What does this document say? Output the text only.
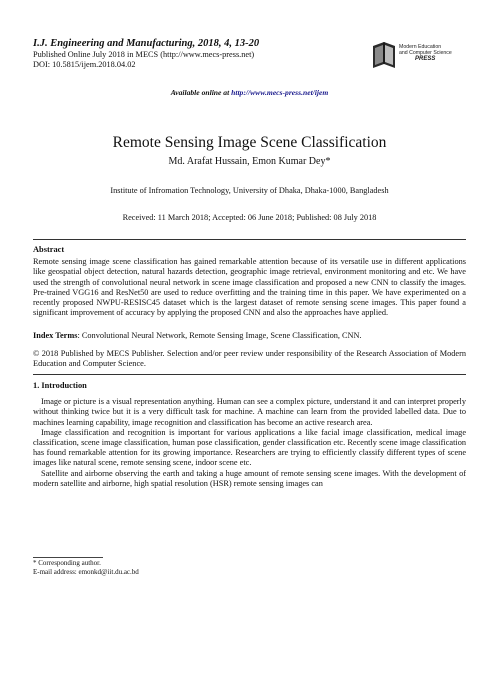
I.J. Engineering and Manufacturing, 2018, 4, 13-20
Published Online July 2018 in MECS (http://www.mecs-press.net)
DOI: 10.5815/ijem.2018.04.02
Modern Education
and Computer Science
PRESS
Available online at http://www.mecs-press.net/ijem
Remote Sensing Image Scene Classification
Md. Arafat Hussain, Emon Kumar Dey*
Institute of Infromation Technology, University of Dhaka, Dhaka-1000, Bangladesh
Received: 11 March 2018; Accepted: 06 June 2018; Published: 08 July 2018
Abstract

Remote sensing image scene classification has gained remarkable attention because of its versatile use in different applications like geospatial object detection, natural hazards detection, geographic image retrieval, environment monitoring and etc. We have used the strength of convolutional neural network in scene image classification and proposed a new CNN to classify the images. Pre-trained VGG16 and ResNet50 are used to reduce overfitting and the training time in this paper. We have experimented on a recently proposed NWPU-RESISC45 dataset which is the largest dataset of remote sensing scene images. This paper found a significant improvement of accuracy by applying the proposed CNN and also the approaches have applied.

Index Terms: Convolutional Neural Network, Remote Sensing Image, Scene Classification, CNN.
© 2018 Published by MECS Publisher. Selection and/or peer review under responsibility of the Research Association of Modern Education and Computer Science.
1. Introduction

Image or picture is a visual representation anything. Human can see a complex picture, understand it and can interpret properly without thinking twice but it is a very difficult task for machine. A machine can learn from the provided labelled data. Due to machines learning capability, image recognition and classification has become an active research area.

Image classification and recognition is important for various applications a like facial image classification, medical image classification, scene image classification, human pose classification, gender classification etc. Recently scene image classification has found remarkable attention for its growing importance. Researchers are trying to efficiently classify different types of scene images like natural scene, remote sensing scene, indoor scene etc.

Satellite and airborne observing the earth and taking a huge amount of remote sensing scene images. With the development of modern satellite and airborne, high spatial resolution (HSR) remote sensing images can

* Corresponding author.
E-mail address: emonkd@iit.du.ac.bd
